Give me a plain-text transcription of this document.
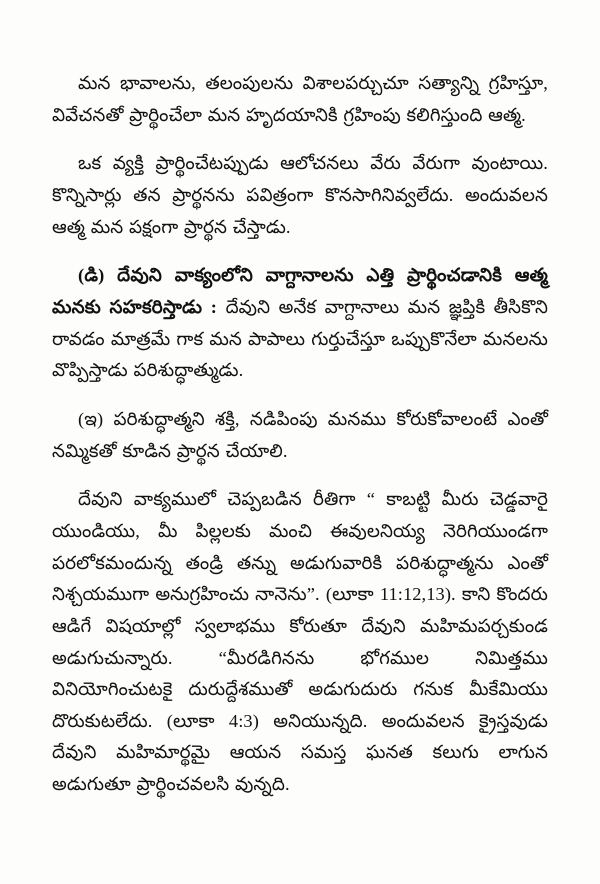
మన భావాలను, తలంపులను విశాలపర్చుచూ సత్యాన్ని గ్రహిస్తూ, వివేచనతో ప్రార్థించేలా మన హృదయానికి గ్రహింపు కలిగిస్తుంది ఆత్మ.

ఒక వ్యక్తి ప్రార్థించేటప్పుడు ఆలోచనలు వేరు వేరుగా వుంటాయి. కొన్నిసార్లు తన ప్రార్థనను పవిత్రంగా కొనసాగినివ్వలేదు. అందువలన ఆత్మ మన పక్షంగా ప్రార్థన చేస్తాడు.

(డి) దేవుని వాక్యంలోని వాగ్దానాలను ఎత్తి ప్రార్థించడానికి ఆత్మ మనకు సహకరిస్తాడు : దేవుని అనేక వాగ్దానాలు మన జ్ఞప్తికి తీసికొని రావడం మాత్రమే గాక మన పాపాలు గుర్తుచేస్తూ ఒప్పుకొనేలా మనలను వొప్పిస్తాడు పరిశుద్ధాత్ముడు.

(ఇ) పరిశుద్ధాత్మని శక్తి, నడిపింపు మనము కోరుకోవాలంటే ఎంతో నమ్మికతో కూడిన ప్రార్థన చేయాలి.

దేవుని వాక్యములో చెప్పబడిన రీతిగా “ కాబట్టి మీరు చెడ్డవారై యుండియు, మీ పిల్లలకు మంచి ఈవులనియ్య నెరిగియుండగా పరలోకమందున్న తండ్రి తన్ను అడుగువారికి పరిశుద్ధాత్మను ఎంతో నిశ్చయముగా అనుగ్రహించు నానెను”. (లూకా 11:12,13). కాని కొందరు ఆడిగే విషయాల్లో స్వలాభము కోరుతూ దేవుని మహిమపర్చకుండ అడుగుచున్నారు. “మీరడిగినను భోగముల నిమిత్తము వినియోగించుటకై దురుద్దేశముతో అడుగుదురు గనుక మీకేమియు దొరుకుటలేదు. (లూకా 4:3) అనియున్నది. అందువలన క్రైస్తవుడు దేవుని మహిమార్థమై ఆయన సమస్త ఘనత కలుగు లాగున అడుగుతూ ప్రార్థించవలసి వున్నది.
